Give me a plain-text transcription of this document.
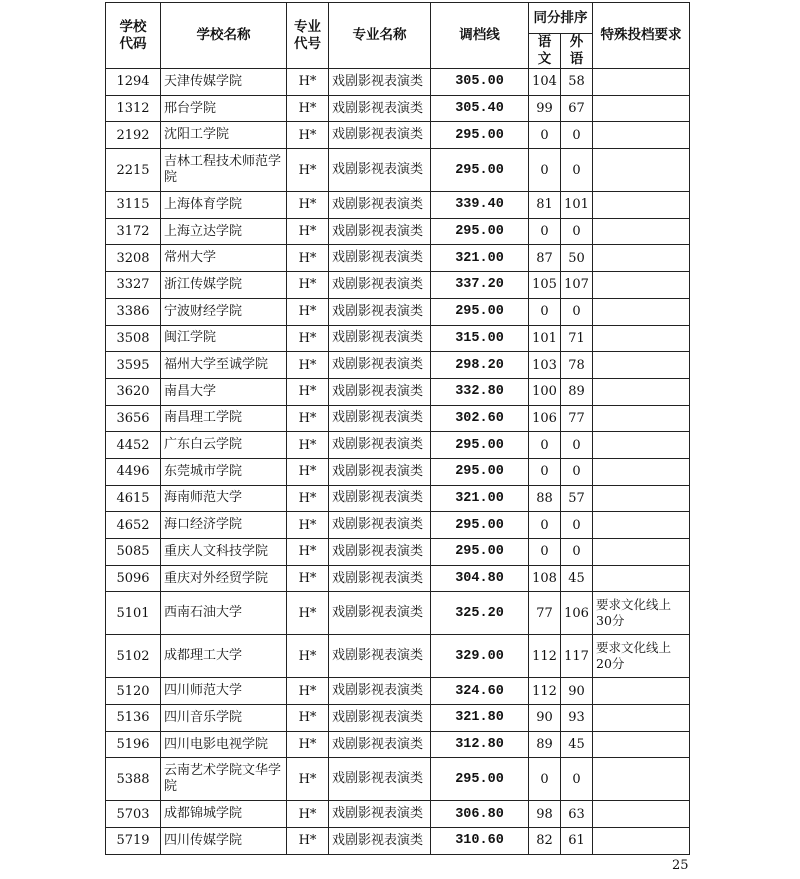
学校
代码	学校名称	专业
代号	专业名称	调档线	同分排序		特殊投档要求
					语文	外语	
1294	天津传媒学院	H*	戏剧影视表演类	305.00	104	58	
1312	邢台学院	H*	戏剧影视表演类	305.40	99	67	
2192	沈阳工学院	H*	戏剧影视表演类	295.00	0	0	
2215	吉林工程技术师范学院	H*	戏剧影视表演类	295.00	0	0	
3115	上海体育学院	H*	戏剧影视表演类	339.40	81	101	
3172	上海立达学院	H*	戏剧影视表演类	295.00	0	0	
3208	常州大学	H*	戏剧影视表演类	321.00	87	50	
3327	浙江传媒学院	H*	戏剧影视表演类	337.20	105	107	
3386	宁波财经学院	H*	戏剧影视表演类	295.00	0	0	
3508	闽江学院	H*	戏剧影视表演类	315.00	101	71	
3595	福州大学至诚学院	H*	戏剧影视表演类	298.20	103	78	
3620	南昌大学	H*	戏剧影视表演类	332.80	100	89	
3656	南昌理工学院	H*	戏剧影视表演类	302.60	106	77	
4452	广东白云学院	H*	戏剧影视表演类	295.00	0	0	
4496	东莞城市学院	H*	戏剧影视表演类	295.00	0	0	
4615	海南师范大学	H*	戏剧影视表演类	321.00	88	57	
4652	海口经济学院	H*	戏剧影视表演类	295.00	0	0	
5085	重庆人文科技学院	H*	戏剧影视表演类	295.00	0	0	
5096	重庆对外经贸学院	H*	戏剧影视表演类	304.80	108	45	
5101	西南石油大学	H*	戏剧影视表演类	325.20	77	106	要求文化线上30分
5102	成都理工大学	H*	戏剧影视表演类	329.00	112	117	要求文化线上20分
5120	四川师范大学	H*	戏剧影视表演类	324.60	112	90	
5136	四川音乐学院	H*	戏剧影视表演类	321.80	90	93	
5196	四川电影电视学院	H*	戏剧影视表演类	312.80	89	45	
5388	云南艺术学院文华学院	H*	戏剧影视表演类	295.00	0	0	
5703	成都锦城学院	H*	戏剧影视表演类	306.80	98	63	
5719	四川传媒学院	H*	戏剧影视表演类	310.60	82	61	
25
